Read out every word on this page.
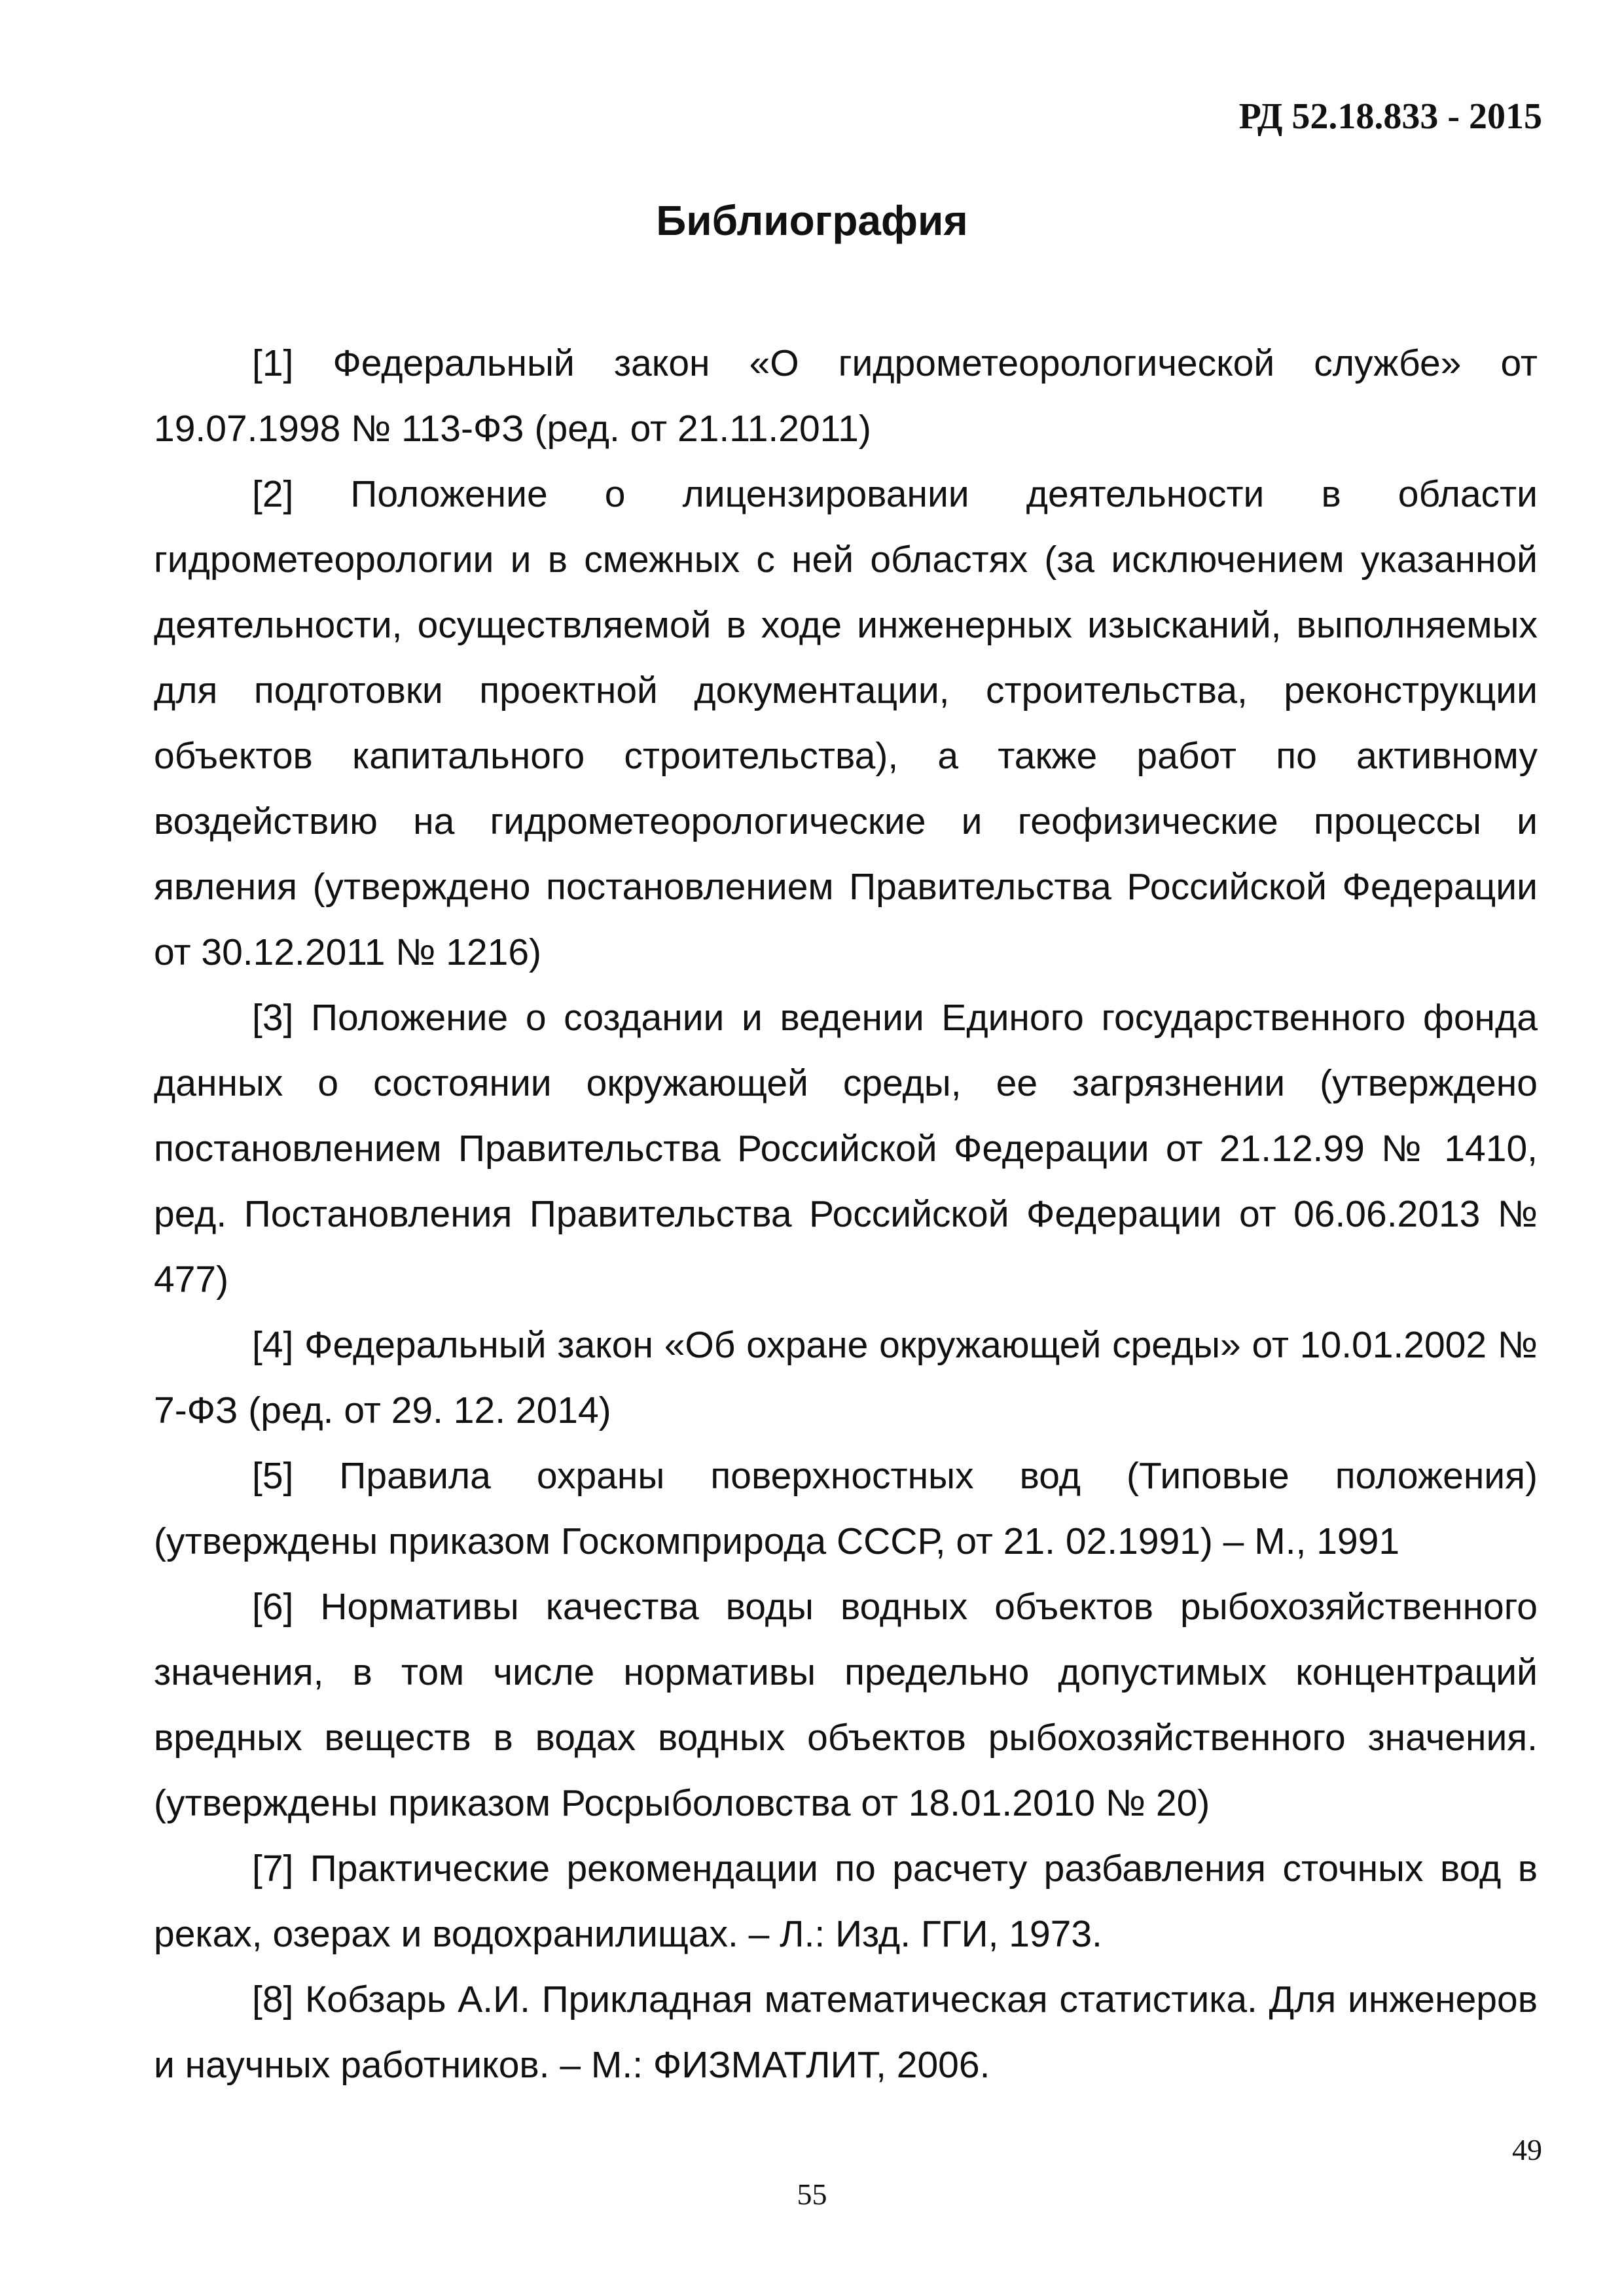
РД 52.18.833 - 2015

Библиография
[1] Федеральный закон «О гидрометеорологической службе» от 19.07.1998 № 113-ФЗ (ред. от 21.11.2011)
[2] Положение о лицензировании деятельности в области гидрометеорологии и в смежных с ней областях (за исключением указанной деятельности, осуществляемой в ходе инженерных изысканий, выполняемых для подготовки проектной документации, строительства, реконструкции объектов капитального строительства), а также работ по активному воздействию на гидрометеорологические и геофизические процессы и явления (утверждено постановлением Правительства Российской Федерации от 30.12.2011 № 1216)
[3] Положение о создании и ведении Единого государственного фонда данных о состоянии окружающей среды, ее загрязнении (утверждено постановлением Правительства Российской Федерации от 21.12.99 № 1410, ред. Постановления Правительства Российской Федерации от 06.06.2013 № 477)
[4] Федеральный закон «Об охране окружающей среды» от 10.01.2002 № 7-ФЗ (ред. от 29. 12. 2014)
[5] Правила охраны поверхностных вод (Типовые положения) (утверждены приказом Госкомприрода СССР, от 21. 02.1991) – М., 1991
[6] Нормативы качества воды водных объектов рыбохозяйственного значения, в том числе нормативы предельно допустимых концентраций вредных веществ в водах водных объектов рыбохозяйственного значения. (утверждены приказом Росрыболовства от 18.01.2010 № 20)
[7] Практические рекомендации по расчету разбавления сточных вод в реках, озерах и водохранилищах. – Л.: Изд. ГГИ, 1973.
[8] Кобзарь А.И. Прикладная математическая статистика. Для инженеров и научных работников. – М.: ФИЗМАТЛИТ, 2006.

49

55
